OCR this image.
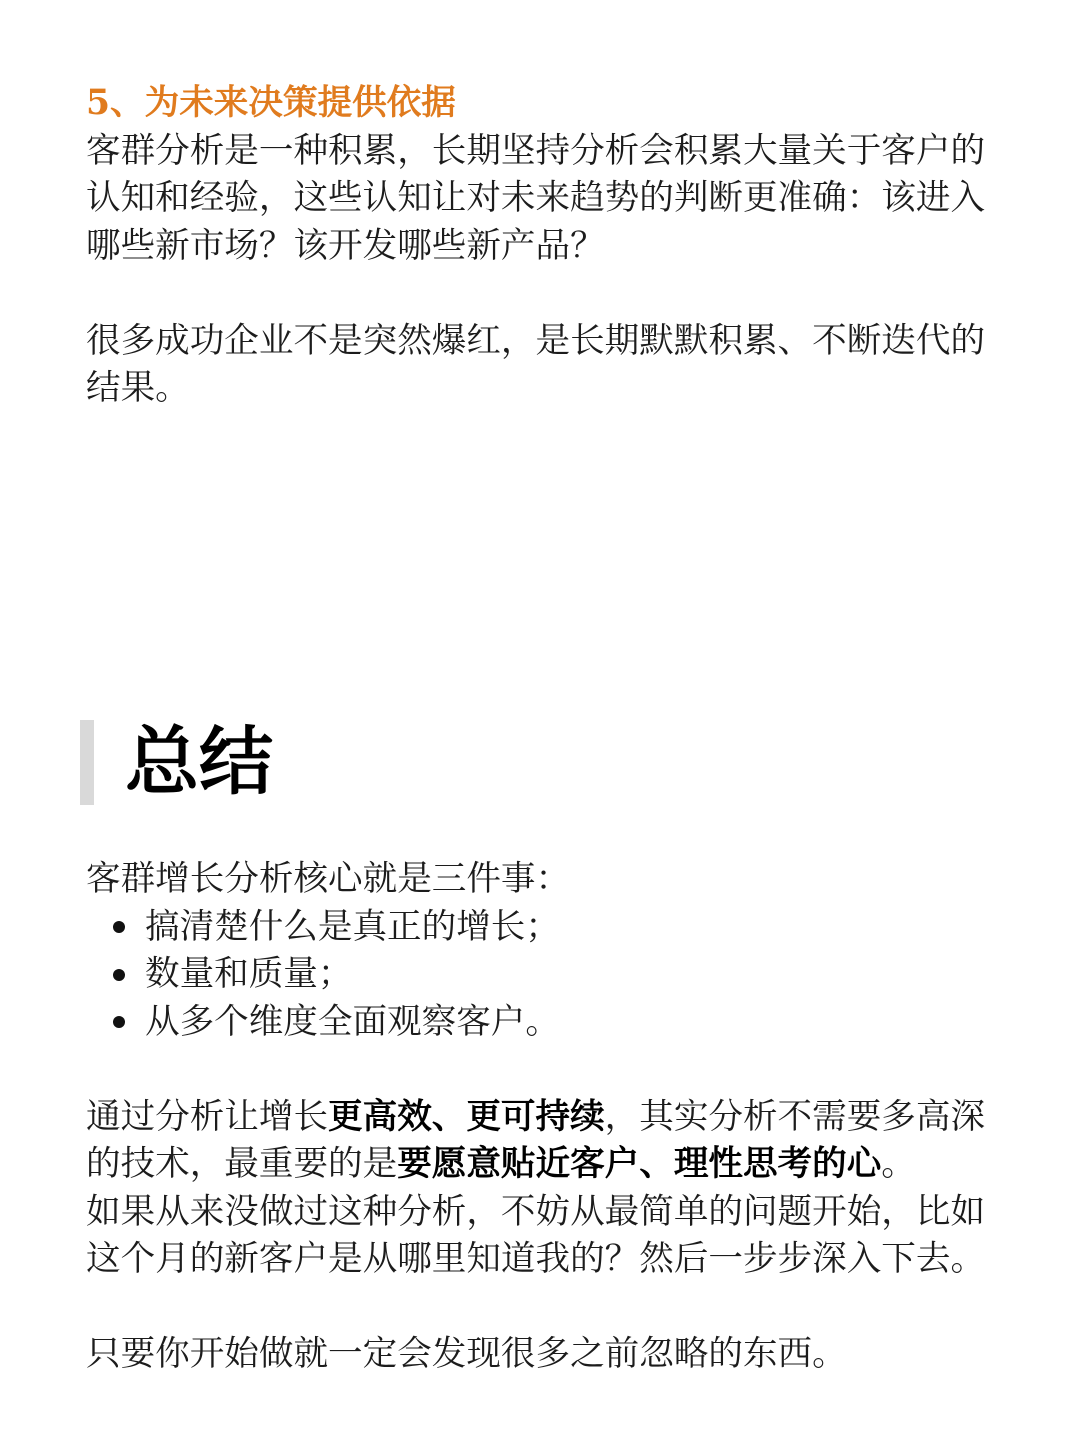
5、为未来决策提供依据
客群分析是一种积累，长期坚持分析会积累大量关于客户的
认知和经验，这些认知让对未来趋势的判断更准确：该进入
哪些新市场？该开发哪些新产品？
很多成功企业不是突然爆红，是长期默默积累、不断迭代的
结果。
总结
客群增长分析核心就是三件事：
搞清楚什么是真正的增长；
数量和质量；
从多个维度全面观察客户。
通过分析让增长更高效、更可持续，其实分析不需要多高深
的技术，最重要的是要愿意贴近客户、理性思考的心。
如果从来没做过这种分析，不妨从最简单的问题开始，比如
这个月的新客户是从哪里知道我的？然后一步步深入下去。
只要你开始做就一定会发现很多之前忽略的东西。
